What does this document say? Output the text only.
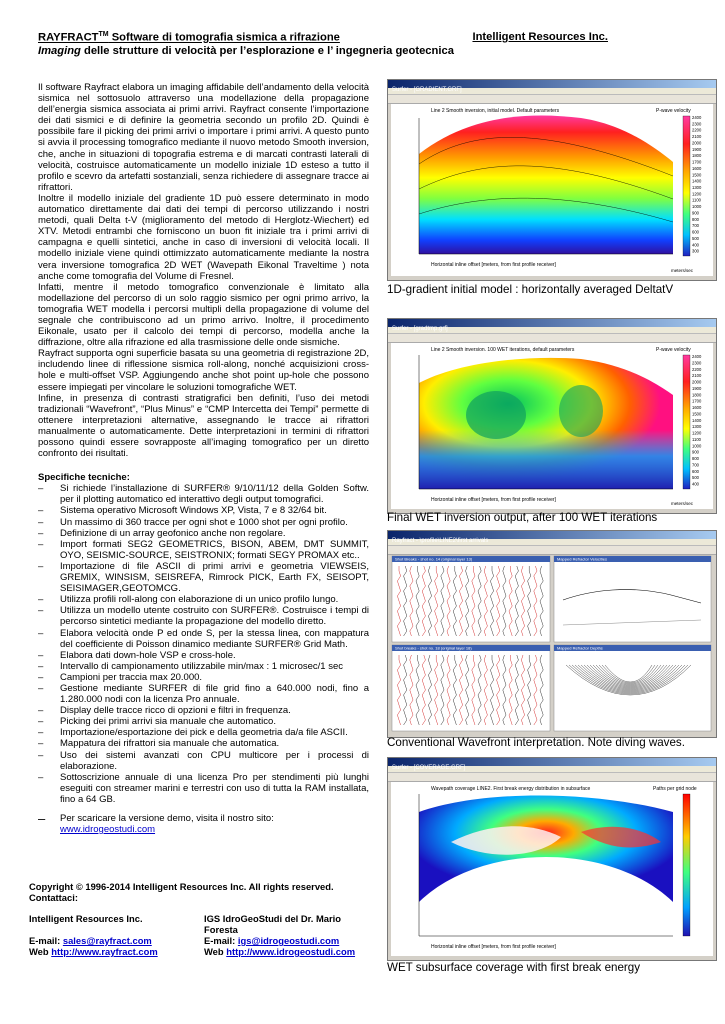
RAYFRACT™ Software di tomografia sismica a rifrazione	Intelligent Resources Inc.
Imaging delle strutture di velocità per l’esplorazione e l’ ingegneria geotecnica

Il software Rayfract elabora un imaging affidabile dell’andamento della velocità sismica nel sottosuolo attraverso una modellazione della propagazione dell’energia sismica associata ai primi arrivi. Rayfract consente l’importazione dei dati sismici e di definire la geometria secondo un profilo 2D. Quindi è possibile fare il picking dei primi arrivi o importare i primi arrivi. A questo punto si avvia il processing tomografico mediante il nuovo metodo Smooth inversion, che, anche in situazioni di topografia estrema e di marcati contrasti laterali di velocità, costruisce automaticamente un modello iniziale 1D esteso a tutto il profilo e scevro da artefatti sostanziali, senza richiedere di assegnare tracce ai rifrattori.

Inoltre il modello iniziale del gradiente 1D può essere determinato in modo automatico direttamente dai dati dei tempi di percorso utilizzando i nostri metodi, quali Delta t-V (miglioramento del metodo di Herglotz-Wiechert) ed XTV. Metodi entrambi che forniscono un buon fit iniziale tra i primi arrivi di campagna e quelli sintetici, anche in caso di inversioni di velocità locali. Il modello iniziale viene quindi ottimizzato automaticamente mediante la nostra vera inversione tomografica 2D WET (Wavepath Eikonal Traveltime ) nota anche come tomografia del Volume di Fresnel.

Infatti, mentre il metodo tomografico convenzionale è limitato alla modellazione del percorso di un solo raggio sismico per ogni primo arrivo, la tomografia WET modella i percorsi multipli della propagazione di volume del segnale che contribuiscono ad un primo arrivo. Inoltre, il procedimento Eikonale, usato per il calcolo dei tempi di percorso, modella anche la diffrazione, oltre alla rifrazione ed alla trasmissione delle onde sismiche.

Rayfract supporta ogni superficie basata su una geometria di registrazione 2D, includendo linee di riflessione sismica roll-along, nonché acquisizioni cross-hole e multi-offset VSP. Aggiungendo anche shot point up-hole che possono essere impiegati per vincolare le soluzioni tomografiche WET.

Infine, in presenza di contrasti stratigrafici ben definiti, l’uso dei metodi tradizionali “Wavefront”, “Plus Minus” e “CMP Intercetta dei Tempi” permette di ottenere interpretazioni alternative, assegnando le tracce ai rifrattori manualmente o automaticamente. Dette interpretazioni in termini di rifrattori possono quindi essere sovrapposte all’imaging tomografico per un diretto confronto dei risultati.

Specifiche tecniche:

–	Si richiede l’installazione di SURFER® 9/10/11/12 della Golden Softw. per il plotting automatico ed interattivo degli output tomografici.
–	Sistema operativo Microsoft Windows XP, Vista, 7 e 8 32/64 bit.
–	Un massimo di 360 tracce per ogni shot e 1000 shot per ogni profilo.
–	Definizione di un array geofonico anche non regolare.
–	Import formati SEG2 GEOMETRICS, BISON, ABEM, DMT SUMMIT, OYO, SEISMIC-SOURCE, SEISTRONIX; formati SEGY PROMAX etc..
–	Importazione di file ASCII di primi arrivi e geometria VIEWSEIS, GREMIX, WINSISM, SEISREFA, Rimrock PICK, Earth FX, SEISOPT, SEISIMAGER,GEOTOMCG.
–	Utilizza profili roll-along con elaborazione di un unico profilo lungo.
–	Utilizza un modello utente costruito con SURFER®. Costruisce i tempi di percorso sintetici mediante la propagazione del modello diretto.
–	Elabora velocità onde P ed onde S, per la stessa linea, con mappatura del coefficiente di Poisson dinamico mediante SURFER® Grid Math.
–	Elabora dati down-hole VSP e cross-hole.
–	Intervallo di campionamento utilizzabile min/max : 1 microsec/1 sec
–	Campioni per traccia max 20.000.
–	Gestione mediante SURFER di file grid fino a 640.000 nodi, fino a 1.280.000 nodi con la licenza Pro annuale.
–	Display delle tracce ricco di opzioni e filtri in frequenza.
–	Picking dei primi arrivi sia manuale che automatico.
–	Importazione/esportazione dei pick e della geometria da/a file ASCII.
–	Mappatura dei rifrattori sia manuale che automatica.
–	Uso dei sistemi avanzati con CPU multicore per i processi di elaborazione.
–	Sottoscrizione annuale di una licenza Pro per stendimenti più lunghi eseguiti con streamer marini e terrestri con uso di tutta la RAM installata, fino a 64 GB.
–	Per scaricare la versione demo, visita il nostro sito:
www.idrogeostudi.com
Copyright © 1996-2014 Intelligent Resources Inc. All rights reserved.
Contattaci:
Intelligent Resources Inc.
E-mail: sales@rayfract.com
Web http://www.rayfract.com
IGS IdroGeoStudi del Dr. Mario Foresta
E-mail: igs@idrogeostudi.com
Web http://www.idrogeostudi.com
Surfer - [GRADIENT.GRF]
Line 2 Smooth inversion, initial model. Default parameters
Horizontal inline offset [meters, from first profile receiver]
P-wave velocity
2400
2300
2200
2100
2000
1900
1800
1700
1600
1500
1400
1300
1200
1100
1000
900
800
700
600
500
400
300
meters/sec
1D-gradient initial model : horizontally averaged DeltatV
Surfer - [gradtmp.grf]
Line 2 Smooth inversion. 100 WET iterations, default parameters
Horizontal inline offset [meters, from first profile receiver]
P-wave velocity
2400
2300
2200
2100
2000
1900
1800
1700
1600
1500
1400
1300
1200
1100
1000
900
800
700
600
500
400
meters/sec
Final WET inversion output, after 100 WET iterations
Rayfract - \profile\LINE2\first arrivals
Shot Breaks - shot no. 14 (original layer 13)	Mapped Refractor Velocities
Shot breaks - shot no. 18 (original layer 18)	Mapped Refractor Depths
Conventional Wavefront interpretation. Note diving waves.
Surfer - [COVERAGE.GRF]
Wavepath coverage LINE2. First break energy distribution in subsurface
Horizontal inline offset [meters, from first profile receiver]
Paths per grid node
WET subsurface coverage with first break energy
